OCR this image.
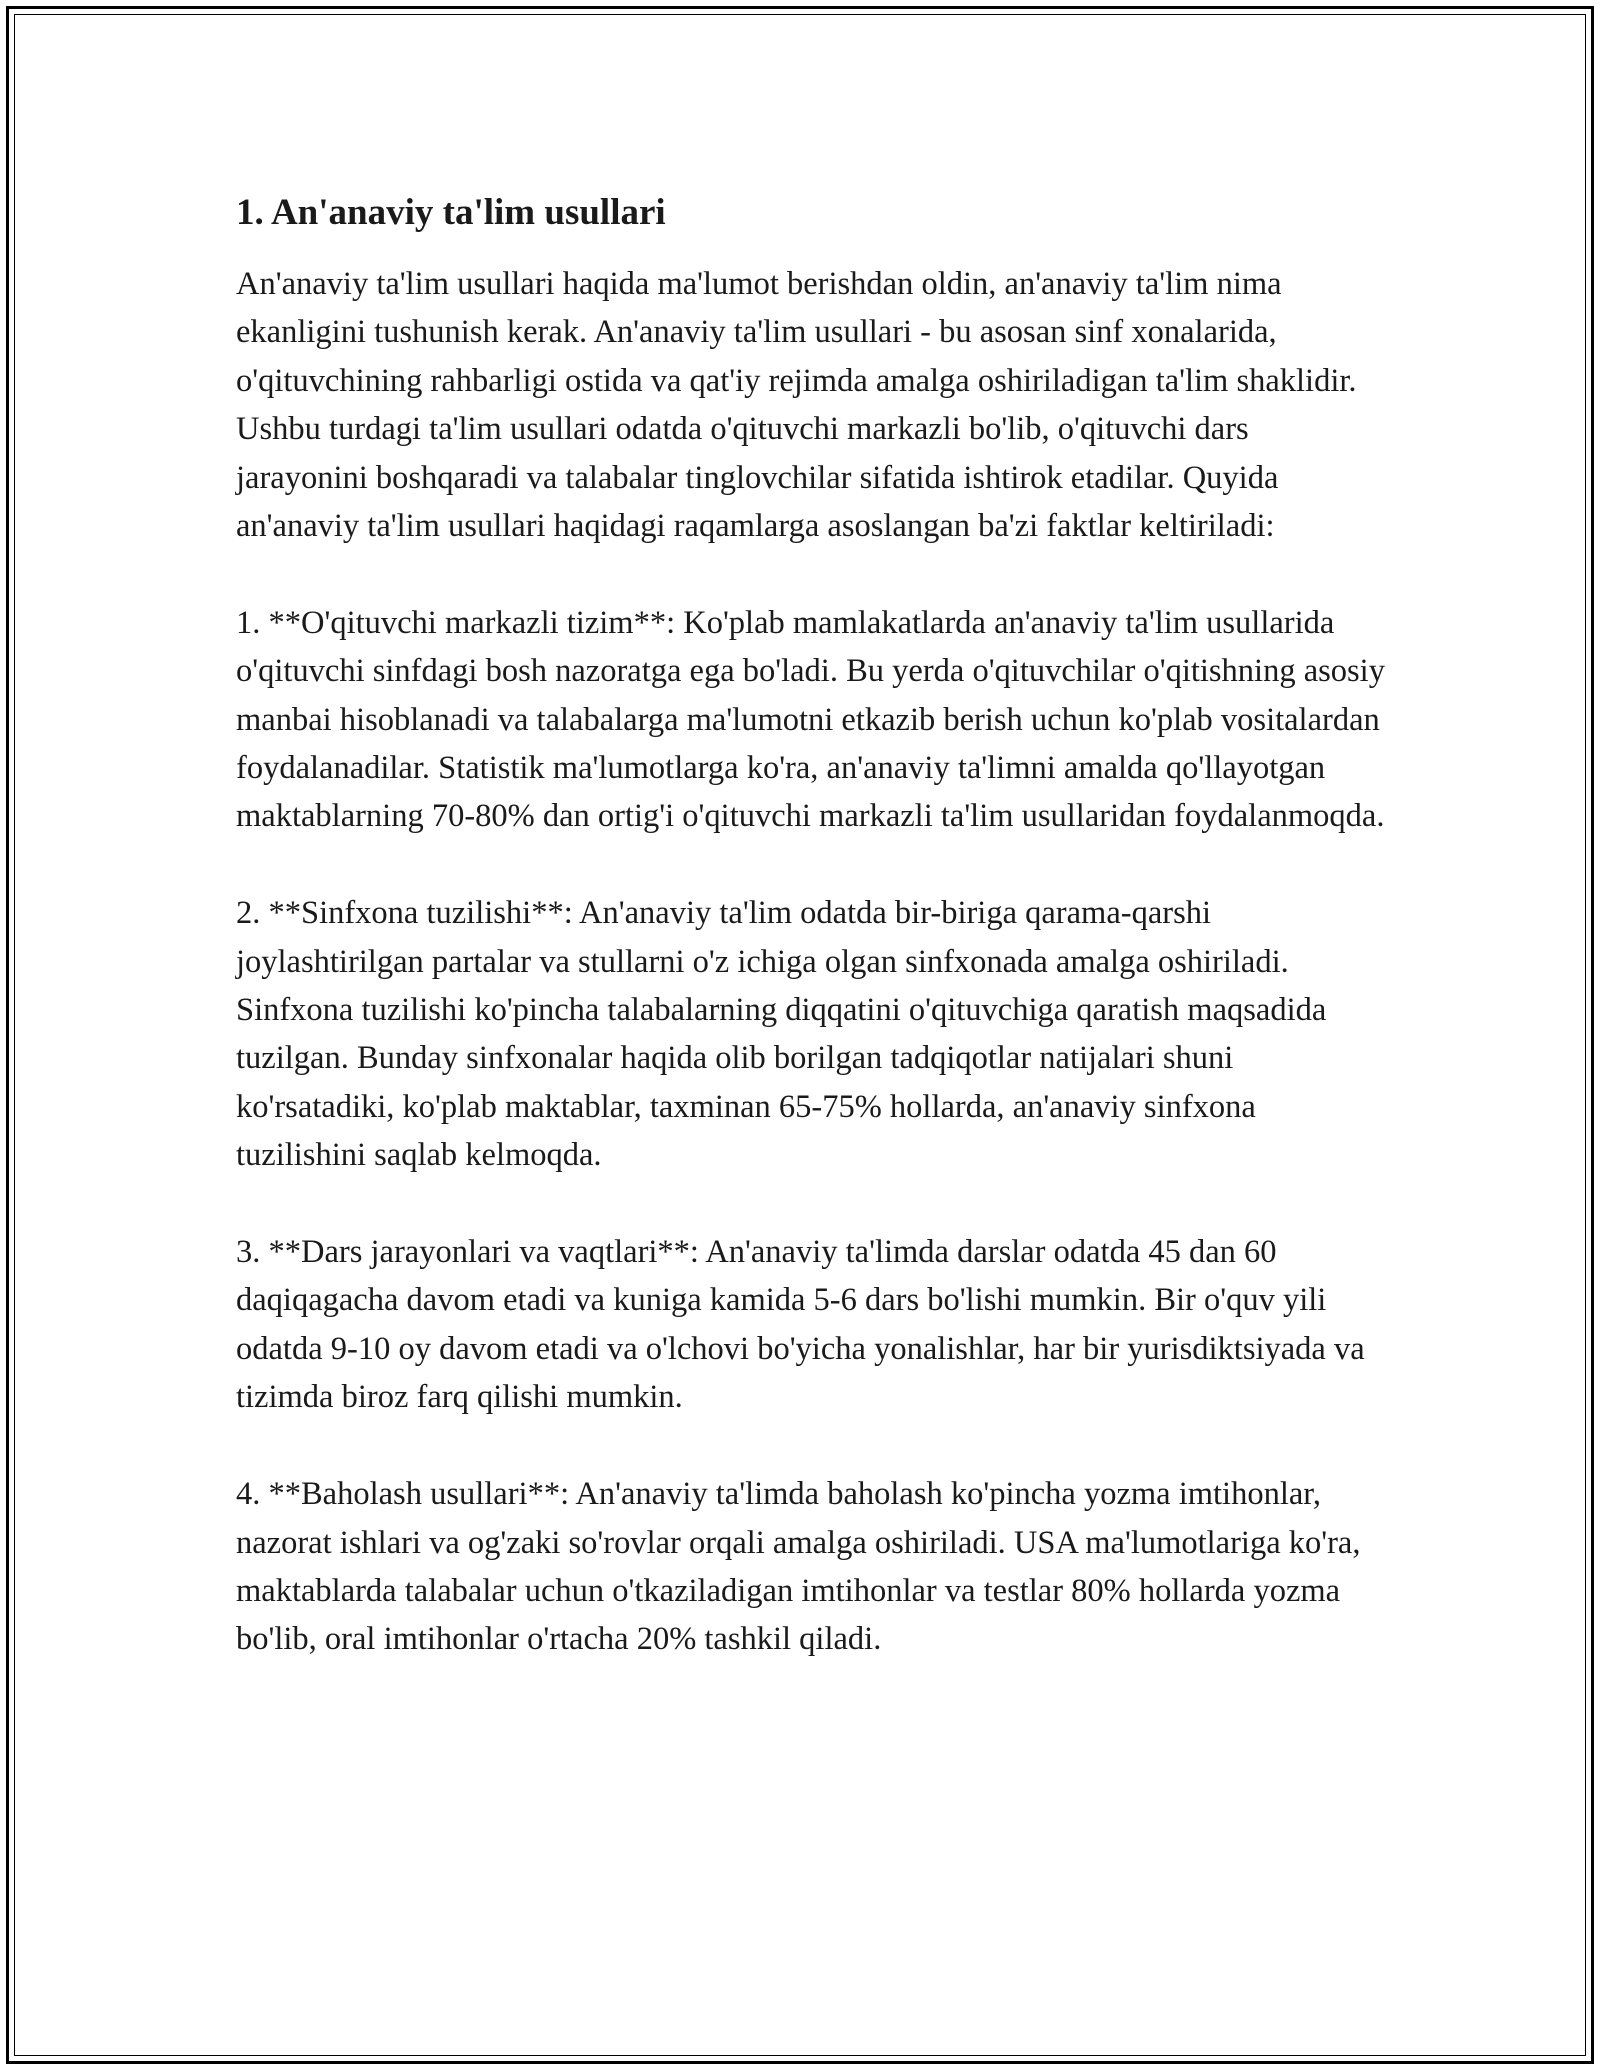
1. An'anaviy ta'lim usullari

An'anaviy ta'lim usullari haqida ma'lumot berishdan oldin, an'anaviy ta'lim nima ekanligini tushunish kerak. An'anaviy ta'lim usullari - bu asosan sinf xonalarida, o'qituvchining rahbarligi ostida va qat'iy rejimda amalga oshiriladigan ta'lim shaklidir. Ushbu turdagi ta'lim usullari odatda o'qituvchi markazli bo'lib, o'qituvchi dars jarayonini boshqaradi va talabalar tinglovchilar sifatida ishtirok etadilar. Quyida an'anaviy ta'lim usullari haqidagi raqamlarga asoslangan ba'zi faktlar keltiriladi:

1. **O'qituvchi markazli tizim**: Ko'plab mamlakatlarda an'anaviy ta'lim usullarida o'qituvchi sinfdagi bosh nazoratga ega bo'ladi. Bu yerda o'qituvchilar o'qitishning asosiy manbai hisoblanadi va talabalarga ma'lumotni etkazib berish uchun ko'plab vositalardan foydalanadilar. Statistik ma'lumotlarga ko'ra, an'anaviy ta'limni amalda qo'llayotgan maktablarning 70-80% dan ortig'i o'qituvchi markazli ta'lim usullaridan foydalanmoqda.

2. **Sinfxona tuzilishi**: An'anaviy ta'lim odatda bir-biriga qarama-qarshi joylashtirilgan partalar va stullarni o'z ichiga olgan sinfxonada amalga oshiriladi. Sinfxona tuzilishi ko'pincha talabalarning diqqatini o'qituvchiga qaratish maqsadida tuzilgan. Bunday sinfxonalar haqida olib borilgan tadqiqotlar natijalari shuni ko'rsatadiki, ko'plab maktablar, taxminan 65-75% hollarda, an'anaviy sinfxona tuzilishini saqlab kelmoqda.

3. **Dars jarayonlari va vaqtlari**: An'anaviy ta'limda darslar odatda 45 dan 60 daqiqagacha davom etadi va kuniga kamida 5-6 dars bo'lishi mumkin. Bir o'quv yili odatda 9-10 oy davom etadi va o'lchovi bo'yicha yonalishlar, har bir yurisdiktsiyada va tizimda biroz farq qilishi mumkin.

4. **Baholash usullari**: An'anaviy ta'limda baholash ko'pincha yozma imtihonlar, nazorat ishlari va og'zaki so'rovlar orqali amalga oshiriladi. USA ma'lumotlariga ko'ra, maktablarda talabalar uchun o'tkaziladigan imtihonlar va testlar 80% hollarda yozma bo'lib, oral imtihonlar o'rtacha 20% tashkil qiladi.
